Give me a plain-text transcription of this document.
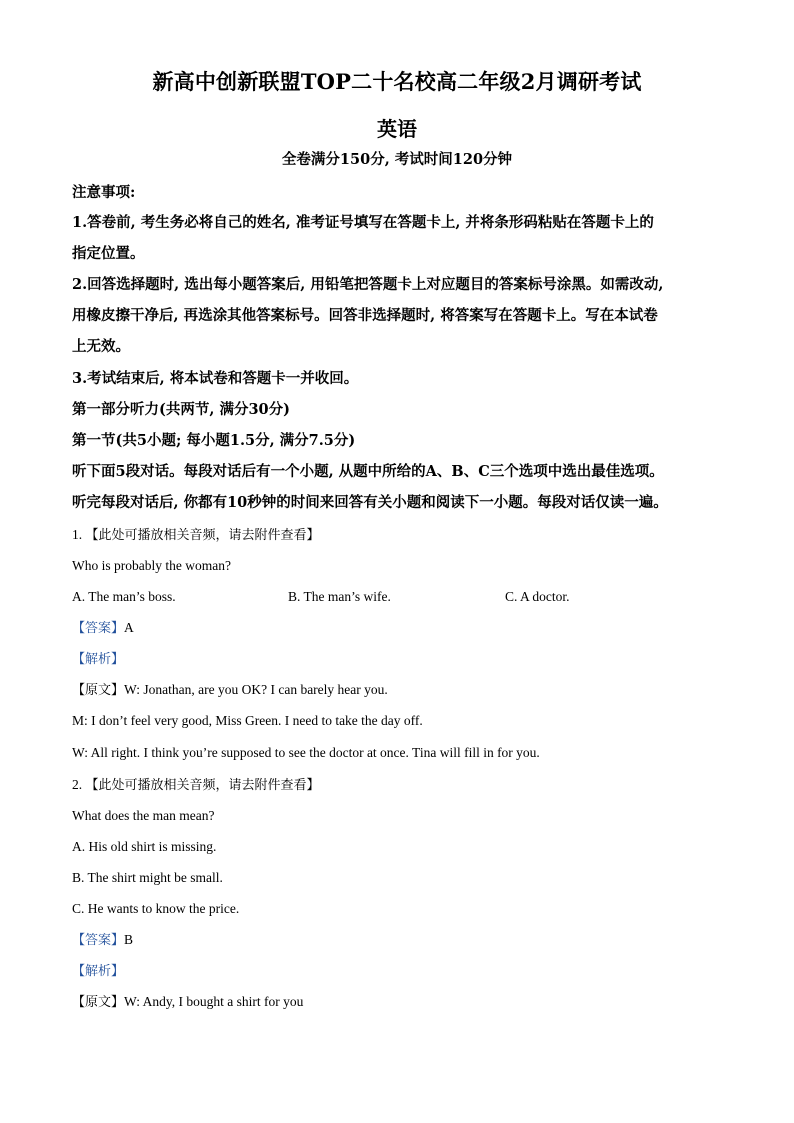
新高中创新联盟TOP二十名校高二年级2月调研考试
英语
全卷满分150分, 考试时间120分钟
注意事项:
1.答卷前, 考生务必将自己的姓名, 准考证号填写在答题卡上, 并将条形码粘贴在答题卡上的
指定位置。
2.回答选择题时, 选出每小题答案后, 用铅笔把答题卡上对应题目的答案标号涂黑。如需改动,
用橡皮擦干净后, 再选涂其他答案标号。回答非选择题时, 将答案写在答题卡上。写在本试卷
上无效。
3.考试结束后, 将本试卷和答题卡一并收回。
第一部分听力(共两节, 满分30分)
第一节(共5小题; 每小题1.5分, 满分7.5分)
听下面5段对话。每段对话后有一个小题, 从题中所给的A、B、C三个选项中选出最佳选项。
听完每段对话后, 你都有10秒钟的时间来回答有关小题和阅读下一小题。每段对话仅读一遍。
1. 【此处可播放相关音频，请去附件查看】
Who is probably the woman?
A. The man’s boss.	B. The man’s wife.	C. A doctor.
【答案】A
【解析】
【原文】W: Jonathan, are you OK? I can barely hear you.
M: I don’t feel very good, Miss Green. I need to take the day off.
W: All right. I think you’re supposed to see the doctor at once. Tina will fill in for you.
2. 【此处可播放相关音频，请去附件查看】
What does the man mean?
A. His old shirt is missing.
B. The shirt might be small.
C. He wants to know the price.
【答案】B
【解析】
【原文】W: Andy, I bought a shirt for you
